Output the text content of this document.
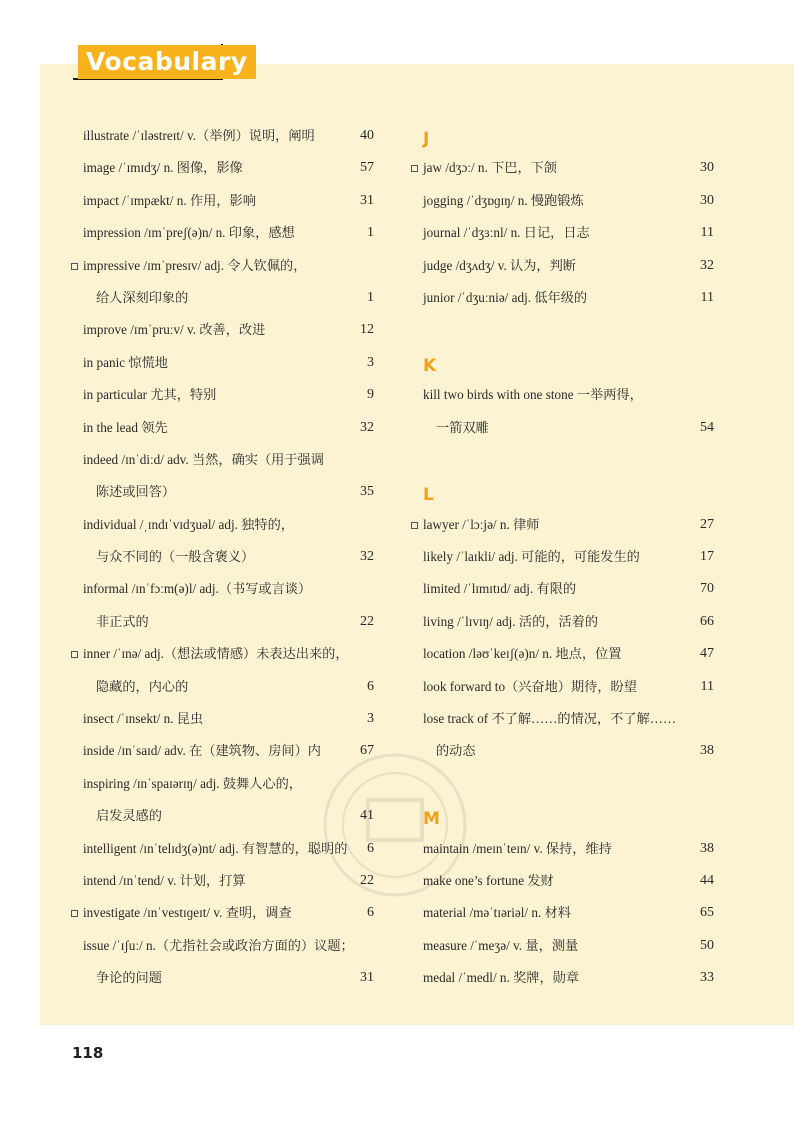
Vocabulary
illustrate /ˈɪləstreɪt/ v.（举例）说明，阐明	40
image /ˈɪmɪdʒ/ n. 图像，影像	57
impact /ˈɪmpækt/ n. 作用，影响	31
impression /ɪmˈpreʃ(ə)n/ n. 印象，感想	1
impressive /ɪmˈpresɪv/ adj. 令人钦佩的，
给人深刻印象的	1
improve /ɪmˈpruːv/ v. 改善，改进	12
in panic 惊慌地	3
in particular 尤其，特别	9
in the lead 领先	32
indeed /ɪnˈdiːd/ adv. 当然，确实（用于强调
陈述或回答）	35
individual /ˌɪndɪˈvɪdʒuəl/ adj. 独特的，
与众不同的（一般含褒义）	32
informal /ɪnˈfɔːm(ə)l/ adj.（书写或言谈）
非正式的	22
inner /ˈɪnə/ adj.（想法或情感）未表达出来的，
隐藏的，内心的	6
insect /ˈɪnsekt/ n. 昆虫	3
inside /ɪnˈsaɪd/ adv. 在（建筑物、房间）内	67
inspiring /ɪnˈspaɪərɪŋ/ adj. 鼓舞人心的，
启发灵感的	41
intelligent /ɪnˈtelɪdʒ(ə)nt/ adj. 有智慧的，聪明的 6
intend /ɪnˈtend/ v. 计划，打算	22
investigate /ɪnˈvestɪɡeɪt/ v. 查明，调查	6
issue /ˈɪʃuː/ n.（尤指社会或政治方面的）议题；
争论的问题	31
J
jaw /dʒɔː/ n. 下巴，下颌	30
jogging /ˈdʒɒɡɪŋ/ n. 慢跑锻炼	30
journal /ˈdʒɜːnl/ n. 日记，日志	11
judge /dʒʌdʒ/ v. 认为，判断	32
junior /ˈdʒuːniə/ adj. 低年级的	11
K
kill two birds with one stone 一举两得，
一箭双雕	54
L
lawyer /ˈlɔːjə/ n. 律师	27
likely /ˈlaɪkli/ adj. 可能的，可能发生的	17
limited /ˈlɪmɪtɪd/ adj. 有限的	70
living /ˈlɪvɪŋ/ adj. 活的，活着的	66
location /ləʊˈkeɪʃ(ə)n/ n. 地点，位置	47
look forward to（兴奋地）期待，盼望	11
lose track of 不了解……的情况，不了解……
的动态	38
M
maintain /meɪnˈteɪn/ v. 保持，维持	38
make one’s fortune 发财	44
material /məˈtɪəriəl/ n. 材料	65
measure /ˈmeʒə/ v. 量，测量	50
medal /ˈmedl/ n. 奖牌，勋章	33
118
